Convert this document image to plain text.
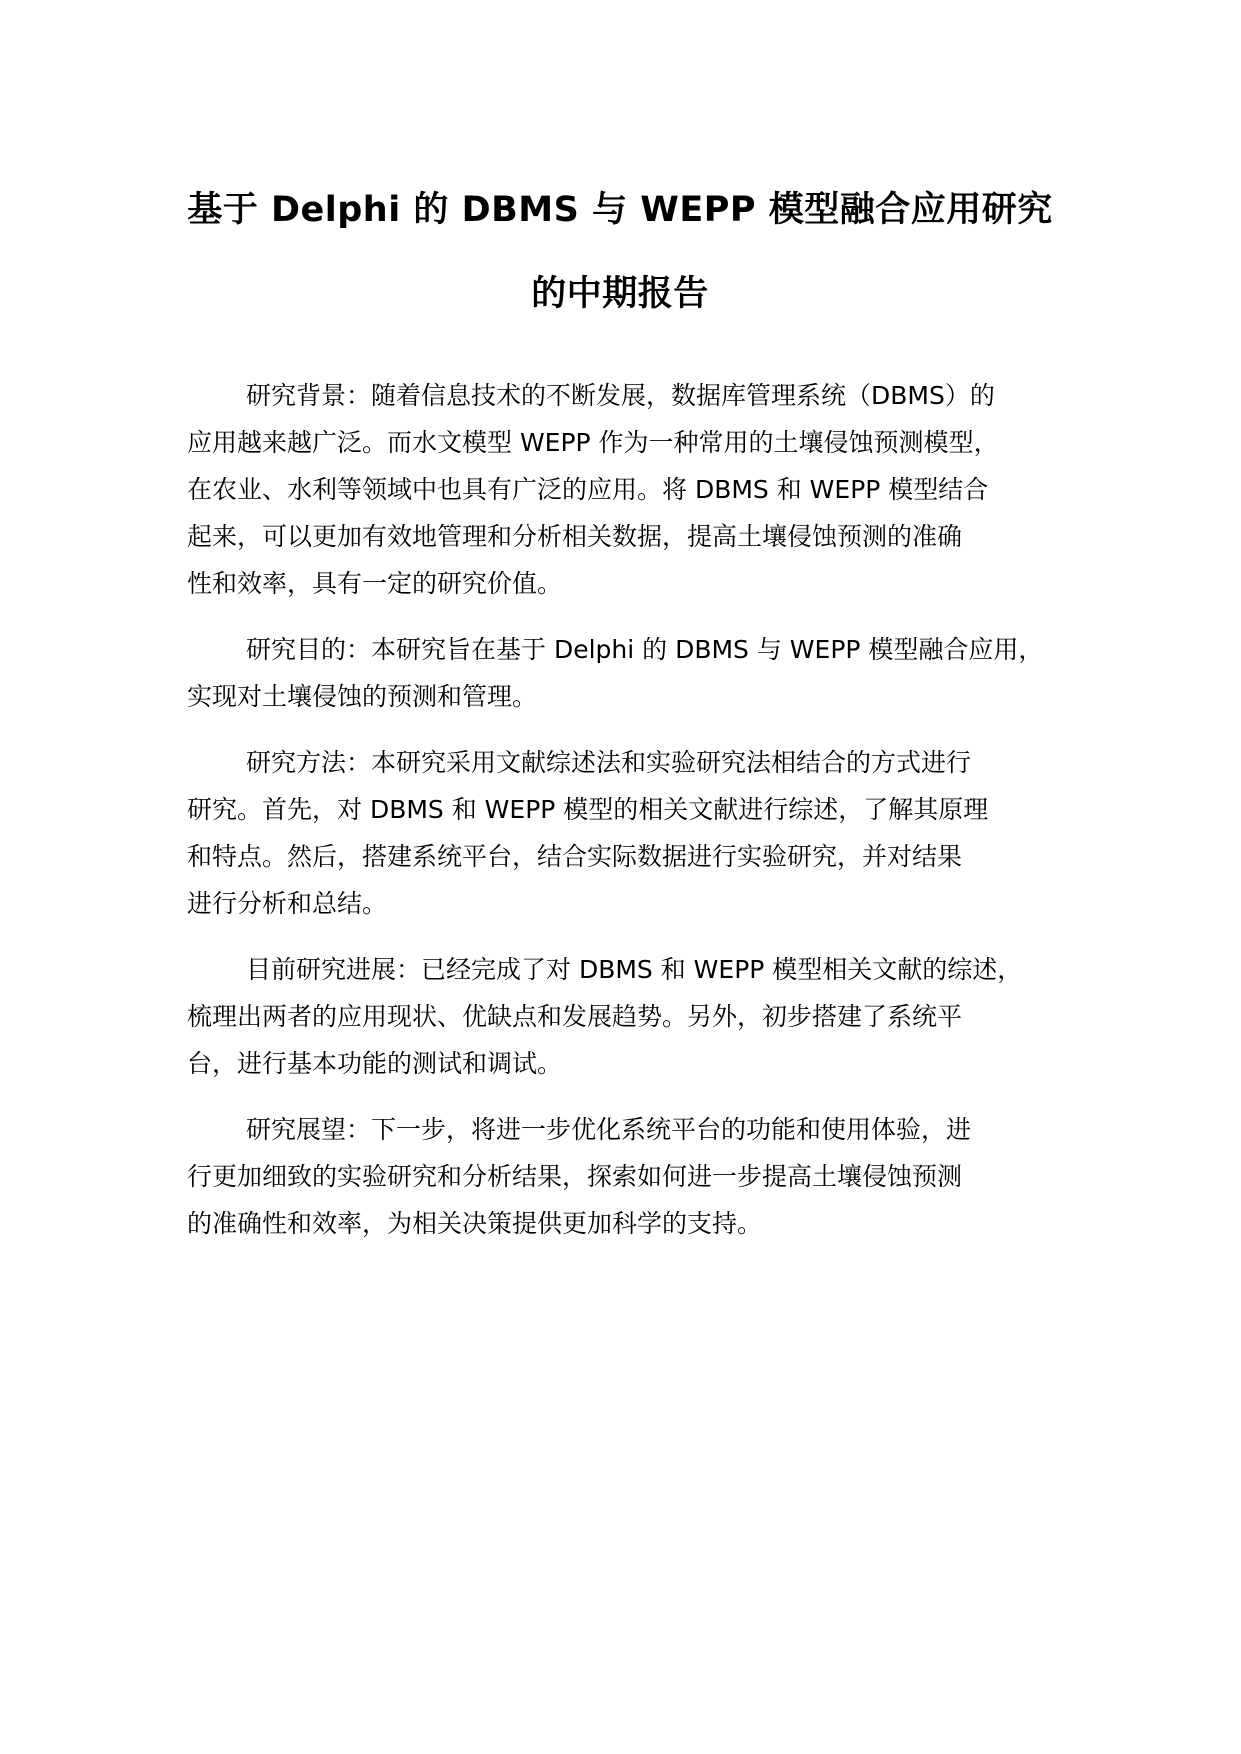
基于 Delphi 的 DBMS 与 WEPP 模型融合应用研究
的中期报告

研究背景：随着信息技术的不断发展，数据库管理系统（DBMS）的
应用越来越广泛。而水文模型 WEPP 作为一种常用的土壤侵蚀预测模型，
在农业、水利等领域中也具有广泛的应用。将 DBMS 和 WEPP 模型结合
起来，可以更加有效地管理和分析相关数据，提高土壤侵蚀预测的准确
性和效率，具有一定的研究价值。

研究目的：本研究旨在基于 Delphi 的 DBMS 与 WEPP 模型融合应用，
实现对土壤侵蚀的预测和管理。

研究方法：本研究采用文献综述法和实验研究法相结合的方式进行
研究。首先，对 DBMS 和 WEPP 模型的相关文献进行综述，了解其原理
和特点。然后，搭建系统平台，结合实际数据进行实验研究，并对结果
进行分析和总结。

目前研究进展：已经完成了对 DBMS 和 WEPP 模型相关文献的综述，
梳理出两者的应用现状、优缺点和发展趋势。另外，初步搭建了系统平
台，进行基本功能的测试和调试。

研究展望：下一步，将进一步优化系统平台的功能和使用体验，进
行更加细致的实验研究和分析结果，探索如何进一步提高土壤侵蚀预测
的准确性和效率，为相关决策提供更加科学的支持。
